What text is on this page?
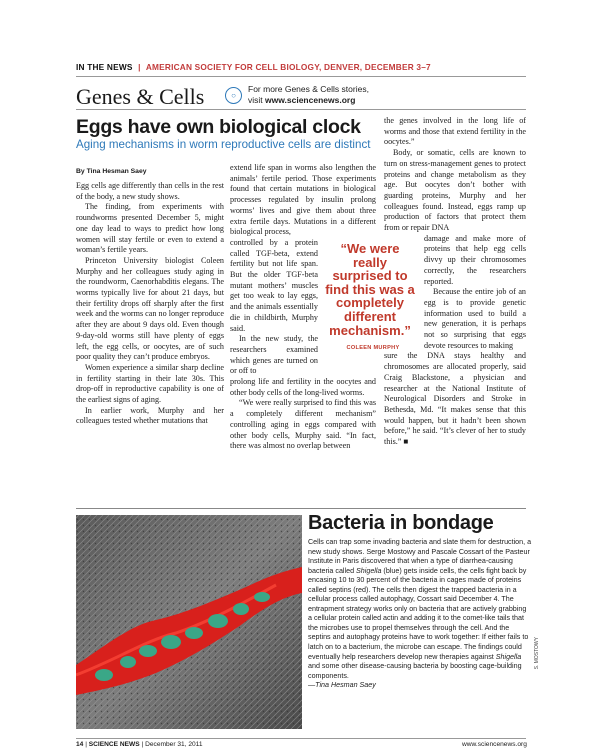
IN THE NEWS | AMERICAN SOCIETY FOR CELL BIOLOGY, DENVER, DECEMBER 3–7
Genes & Cells	○
For more Genes & Cells stories,
visit www.sciencenews.org
Eggs have own biological clock
Aging mechanisms in worm reproductive cells are distinct
By Tina Hesman Saey

Egg cells age differently than cells in the rest of the body, a new study shows.

The finding, from experiments with roundworms presented December 5, might one day lead to ways to predict how long women will stay fertile or even to extend a woman’s fertile years.

Princeton University biologist Coleen Murphy and her colleagues study aging in the roundworm, Caenorhabditis elegans. The worms typically live for about 21 days, but their fertility drops off sharply after the first week and the worms can no longer reproduce after they are about 9 days old. Even though 9-day-old worms still have plenty of eggs left, the egg cells, or oocytes, are of such poor quality they can’t produce embryos.

Women experience a similar sharp decline in fertility starting in their late 30s. This drop-off in reproductive capability is one of the earliest signs of aging.

In earlier work, Murphy and her colleagues tested whether mutations that

extend life span in worms also lengthen the animals’ fertile period. Those experiments found that certain mutations in biological processes regulated by insulin prolong worms’ lives and give them about three extra fertile days. Mutations in a different biological process,

controlled by a protein called TGF-beta, extend fertility but not life span. But the older TGF-beta mutant mothers’ muscles get too weak to lay eggs, and the animals essentially die in childbirth, Murphy said.

In the new study, the researchers examined which genes are turned on or off to

prolong life and fertility in the oocytes and other body cells of the long-lived worms.

“We were really surprised to find this was a completely different mechanism” controlling aging in eggs compared with other body cells, Murphy said. “In fact, there was almost no overlap between

“We were really surprised to find this was a completely different mechanism.”
COLEEN MURPHY

the genes involved in the long life of worms and those that extend fertility in the oocytes.”

Body, or somatic, cells are known to turn on stress-management genes to protect proteins and change metabolism as they age. But oocytes don’t bother with guarding proteins, Murphy and her colleagues found. Instead, eggs ramp up production of factors that protect them from or repair DNA

damage and make more of proteins that help egg cells divvy up their chromosomes correctly, the researchers reported.

Because the entire job of an egg is to provide genetic information used to build a new generation, it is perhaps not so surprising that eggs devote resources to making

sure the DNA stays healthy and chromosomes are allocated properly, said Craig Blackstone, a physician and researcher at the National Institute of Neurological Disorders and Stroke in Bethesda, Md. “It makes sense that this would happen, but it hadn’t been shown before,” he said. “It’s clever of her to study this.” ■

S. MOSTOWY
Bacteria in bondage
Cells can trap some invading bacteria and slate them for destruction, a new study shows. Serge Mostowy and Pascale Cossart of the Pasteur Institute in Paris discovered that when a type of diarrhea-causing bacteria called Shigella (blue) gets inside cells, the cells fight back by encasing 10 to 30 percent of the bacteria in cages made of proteins called septins (red). The cells then digest the trapped bacteria in a cellular process called autophagy, Cossart said December 4. The entrapment strategy works only on bacteria that are actively grabbing a cellular protein called actin and adding it to the comet-like tails that the microbes use to propel themselves through the cell. And the septins and autophagy proteins have to work together: If either fails to latch on to a bacterium, the microbe can escape. The findings could eventually help researchers develop new therapies against Shigella and some other disease-causing bacteria by boosting cage-building components.
—Tina Hesman Saey
14 | SCIENCE NEWS | December 31, 2011	www.sciencenews.org
